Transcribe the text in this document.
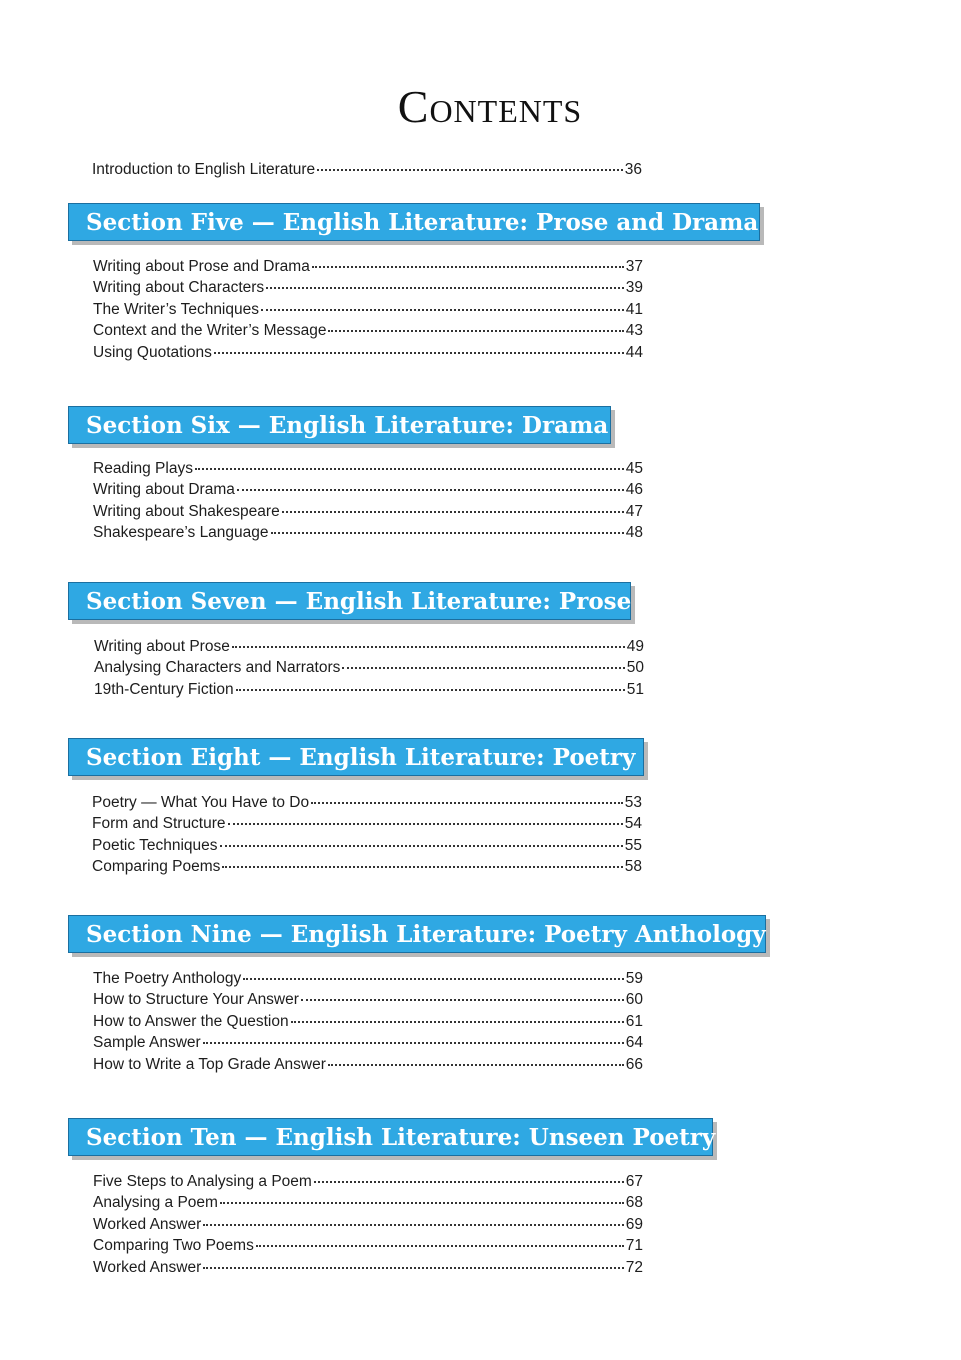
Contents
Introduction to English Literature	36
Section Five — English Literature: Prose and Drama
Writing about Prose and Drama	37
Writing about Characters	39
The Writer’s Techniques	41
Context and the Writer’s Message	43
Using Quotations	44
Section Six — English Literature: Drama
Reading Plays	45
Writing about Drama	46
Writing about Shakespeare	47
Shakespeare’s Language	48
Section Seven — English Literature: Prose
Writing about Prose	49
Analysing Characters and Narrators	50
19th-Century Fiction	51
Section Eight — English Literature: Poetry
Poetry — What You Have to Do	53
Form and Structure	54
Poetic Techniques	55
Comparing Poems	58
Section Nine — English Literature: Poetry Anthology
The Poetry Anthology	59
How to Structure Your Answer	60
How to Answer the Question	61
Sample Answer	64
How to Write a Top Grade Answer	66
Section Ten — English Literature: Unseen Poetry
Five Steps to Analysing a Poem	67
Analysing a Poem	68
Worked Answer	69
Comparing Two Poems	71
Worked Answer	72
